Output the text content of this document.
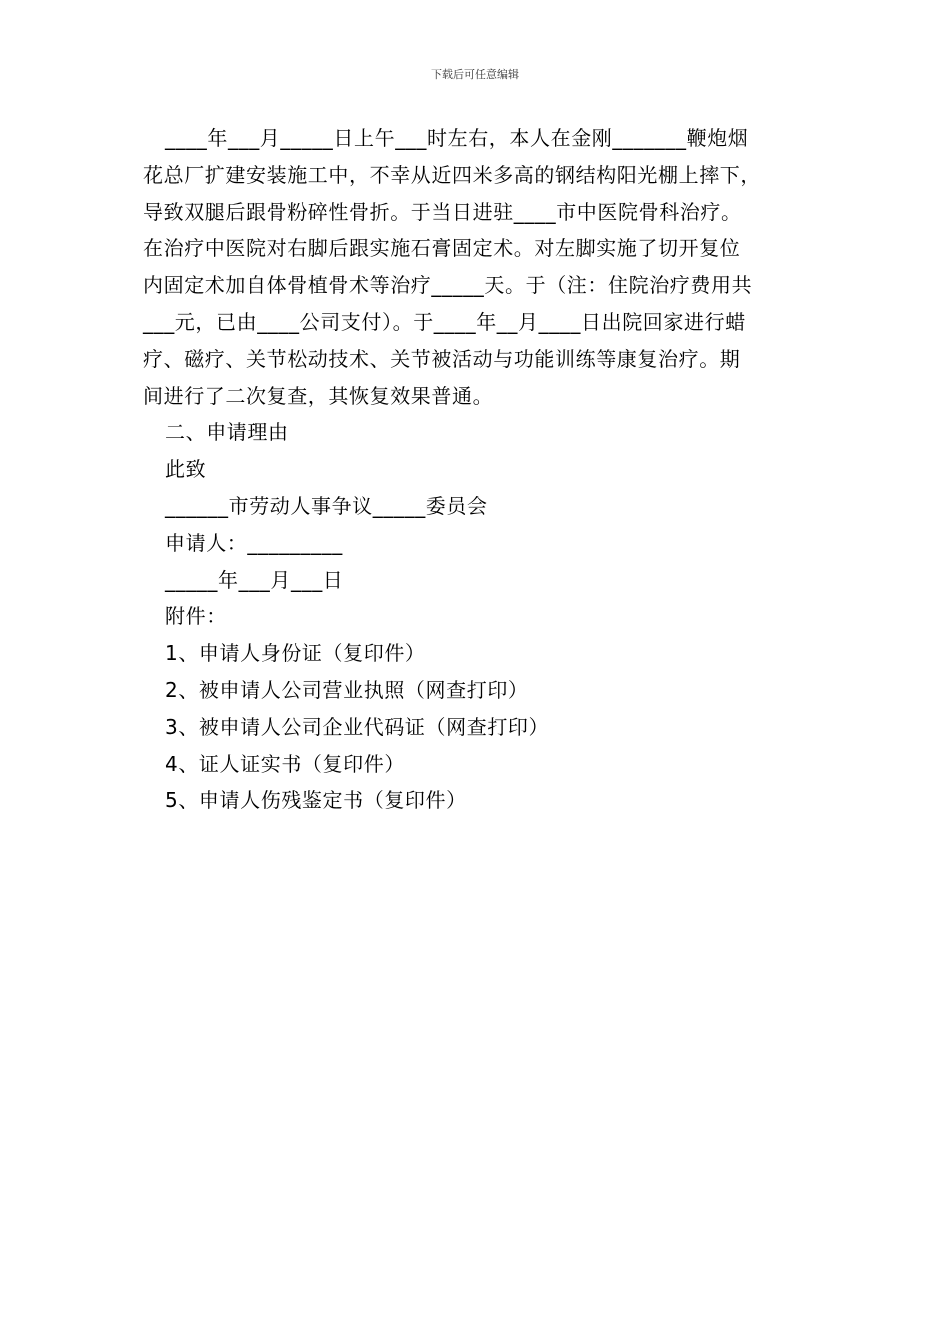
下载后可任意编辑

____年___月_____日上午___时左右，本人在金刚_______鞭炮烟

花总厂扩建安装施工中，不幸从近四米多高的钢结构阳光棚上摔下，

导致双腿后跟骨粉碎性骨折。于当日进驻____市中医院骨科治疗。

在治疗中医院对右脚后跟实施石膏固定术。对左脚实施了切开复位

内固定术加自体骨植骨术等治疗_____天。于（注：住院治疗费用共

___元，已由____公司支付）。于____年__月____日出院回家进行蜡

疗、磁疗、关节松动技术、关节被活动与功能训练等康复治疗。期

间进行了二次复查，其恢复效果普通。

二、申请理由

此致

______市劳动人事争议_____委员会

申请人：_________

_____年___月___日

附件：

1、申请人身份证（复印件）

2、被申请人公司营业执照（网查打印）

3、被申请人公司企业代码证（网查打印）

4、证人证实书（复印件）

5、申请人伤残鉴定书（复印件）
